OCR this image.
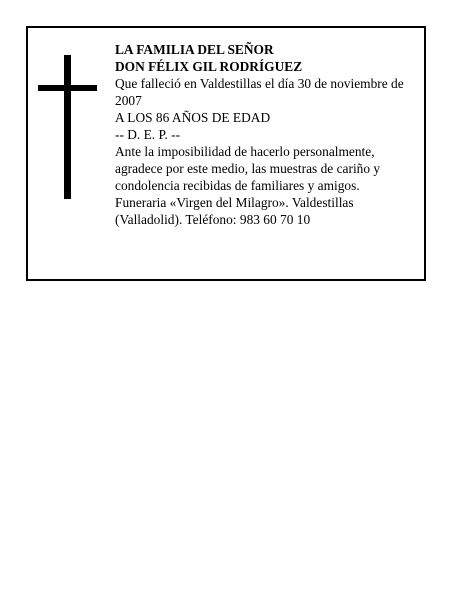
LA FAMILIA DEL SEÑOR
DON FÉLIX GIL RODRÍGUEZ
Que falleció en Valdestillas el día 30 de noviembre de 2007
A LOS 86 AÑOS DE EDAD
-- D. E. P. --
Ante la imposibilidad de hacerlo personalmente, agradece por este medio, las muestras de cariño y condolencia recibidas de familiares y amigos.
Funeraria «Virgen del Milagro». Valdestillas (Valladolid). Teléfono: 983 60 70 10
